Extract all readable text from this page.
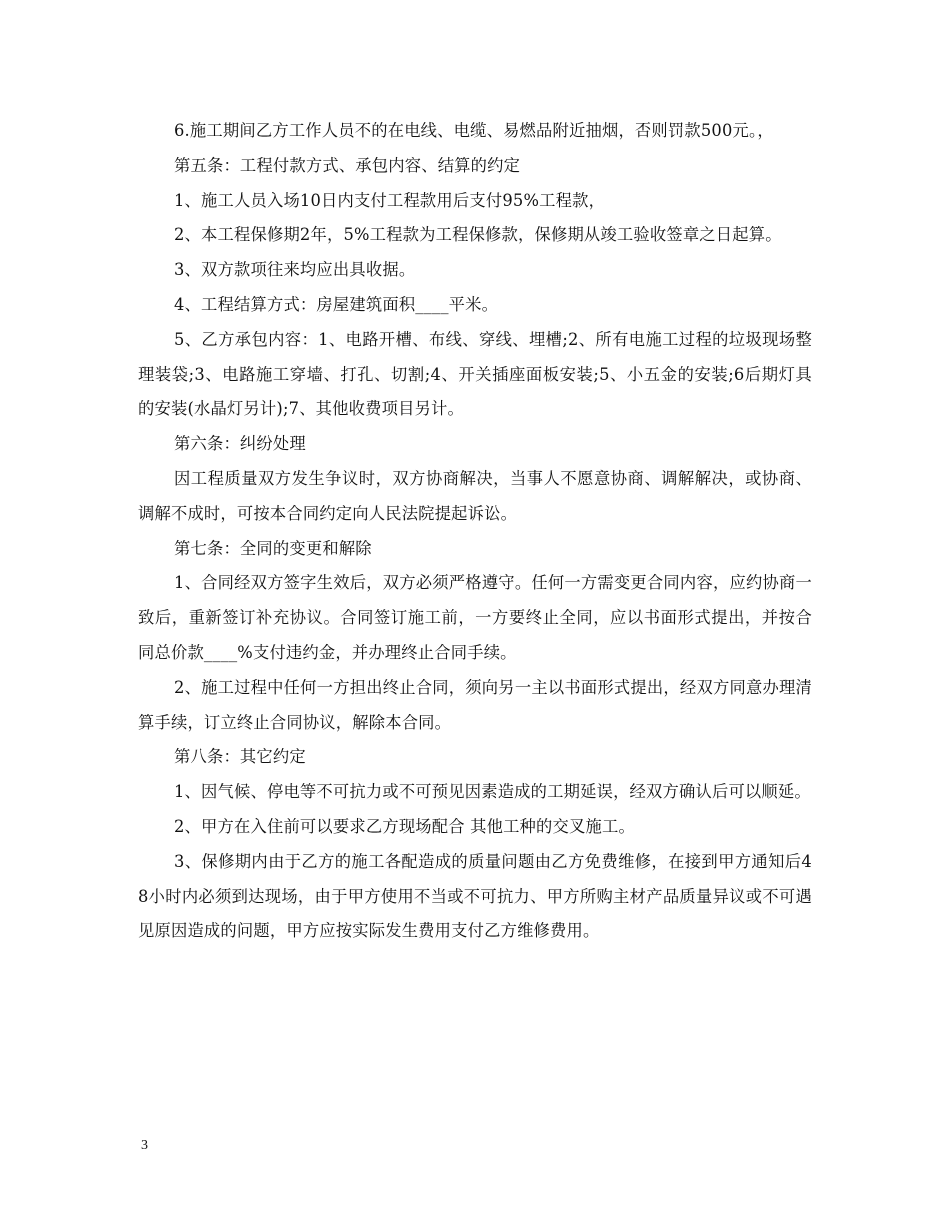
6.施工期间乙方工作人员不的在电线、电缆、易燃品附近抽烟，否则罚款500元。，

第五条：工程付款方式、承包内容、结算的约定

1、施工人员入场10日内支付工程款用后支付95%工程款，

2、本工程保修期2年，5%工程款为工程保修款，保修期从竣工验收签章之日起算。

3、双方款项往来均应出具收据。

4、工程结算方式：房屋建筑面积____平米。

5、乙方承包内容：1、电路开槽、布线、穿线、埋槽;2、所有电施工过程的垃圾现场整理装袋;3、电路施工穿墙、打孔、切割;4、开关插座面板安装;5、小五金的安装;6后期灯具的安装(水晶灯另计);7、其他收费项目另计。

第六条：纠纷处理

因工程质量双方发生争议时，双方协商解决，当事人不愿意协商、调解解决，或协商、调解不成时，可按本合同约定向人民法院提起诉讼。

第七条：全同的变更和解除

1、合同经双方签字生效后，双方必须严格遵守。任何一方需变更合同内容，应约协商一致后，重新签订补充协议。合同签订施工前，一方要终止全同，应以书面形式提出，并按合同总价款____%支付违约金，并办理终止合同手续。

2、施工过程中任何一方担出终止合同，须向另一主以书面形式提出，经双方同意办理清算手续，订立终止合同协议，解除本合同。

第八条：其它约定

1、因气候、停电等不可抗力或不可预见因素造成的工期延误，经双方确认后可以顺延。

2、甲方在入住前可以要求乙方现场配合 其他工种的交叉施工。

3、保修期内由于乙方的施工各配造成的质量问题由乙方免费维修，在接到甲方通知后48小时内必须到达现场，由于甲方使用不当或不可抗力、甲方所购主材产品质量异议或不可遇见原因造成的问题，甲方应按实际发生费用支付乙方维修费用。

3
